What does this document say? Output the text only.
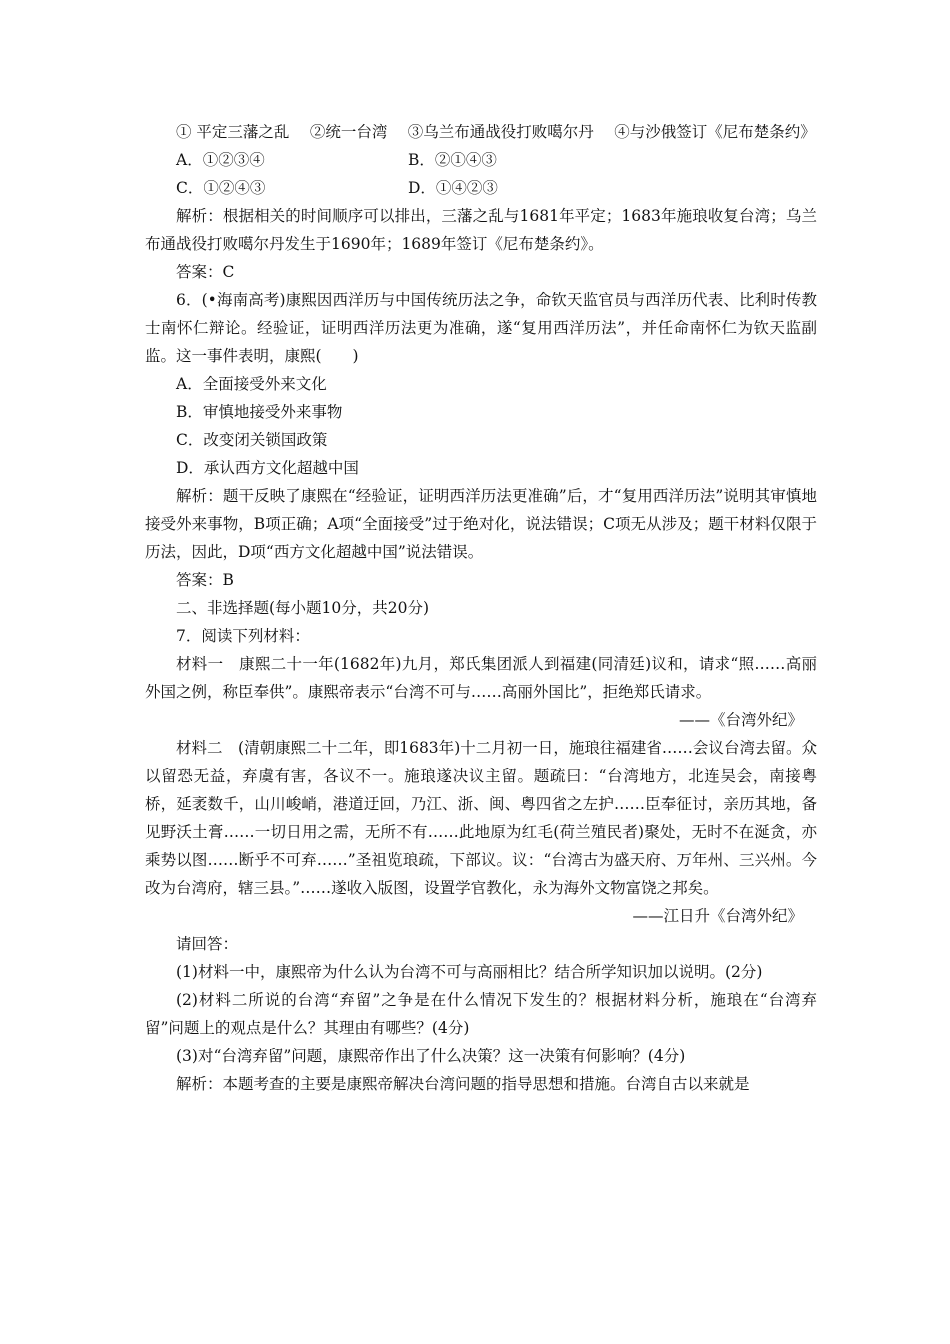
① 平定三藩之乱　 ②统一台湾　 ③乌兰布通战役打败噶尔丹　 ④与沙俄签订《尼布楚条约》

A．①②③④	B．②①④③
C．①②④③	D．①④②③

解析：根据相关的时间顺序可以排出，三藩之乱与1681年平定；1683年施琅收复台湾；乌兰布通战役打败噶尔丹发生于1690年；1689年签订《尼布楚条约》。

答案：C

6．(•海南高考)康熙因西洋历与中国传统历法之争，命钦天监官员与西洋历代表、比利时传教士南怀仁辩论。经验证，证明西洋历法更为准确，遂“复用西洋历法”，并任命南怀仁为钦天监副监。这一事件表明，康熙(　　)

A．全面接受外来文化

B．审慎地接受外来事物

C．改变闭关锁国政策

D．承认西方文化超越中国

解析：题干反映了康熙在“经验证，证明西洋历法更准确”后，才“复用西洋历法”说明其审慎地接受外来事物，B项正确；A项“全面接受”过于绝对化，说法错误；C项无从涉及；题干材料仅限于历法，因此，D项“西方文化超越中国”说法错误。

答案：B

二、非选择题(每小题10分，共20分)

7．阅读下列材料：

材料一　康熙二十一年(1682年)九月，郑氏集团派人到福建(同清廷)议和，请求“照……高丽外国之例，称臣奉供”。康熙帝表示“台湾不可与……高丽外国比”，拒绝郑氏请求。

——《台湾外纪》

材料二　(清朝康熙二十二年，即1683年)十二月初一日，施琅往福建省……会议台湾去留。众以留恐无益，弃虞有害，各议不一。施琅遂决议主留。题疏曰：“台湾地方，北连吴会，南接粤桥，延袤数千，山川峻峭，港道迂回，乃江、浙、闽、粤四省之左护……臣奉征讨，亲历其地，备见野沃土膏……一切日用之需，无所不有……此地原为红毛(荷兰殖民者)聚处，无时不在涎贪，亦乘势以图……断乎不可弃……”圣祖览琅疏，下部议。议：“台湾古为盛天府、万年州、三兴州。今改为台湾府，辖三县。”……遂收入版图，设置学官教化，永为海外文物富饶之邦矣。

——江日升《台湾外纪》

请回答：

(1)材料一中，康熙帝为什么认为台湾不可与高丽相比？结合所学知识加以说明。(2分)

(2)材料二所说的台湾“弃留”之争是在什么情况下发生的？根据材料分析，施琅在“台湾弃留”问题上的观点是什么？其理由有哪些？(4分)

(3)对“台湾弃留”问题，康熙帝作出了什么决策？这一决策有何影响？(4分)

解析：本题考查的主要是康熙帝解决台湾问题的指导思想和措施。台湾自古以来就是
